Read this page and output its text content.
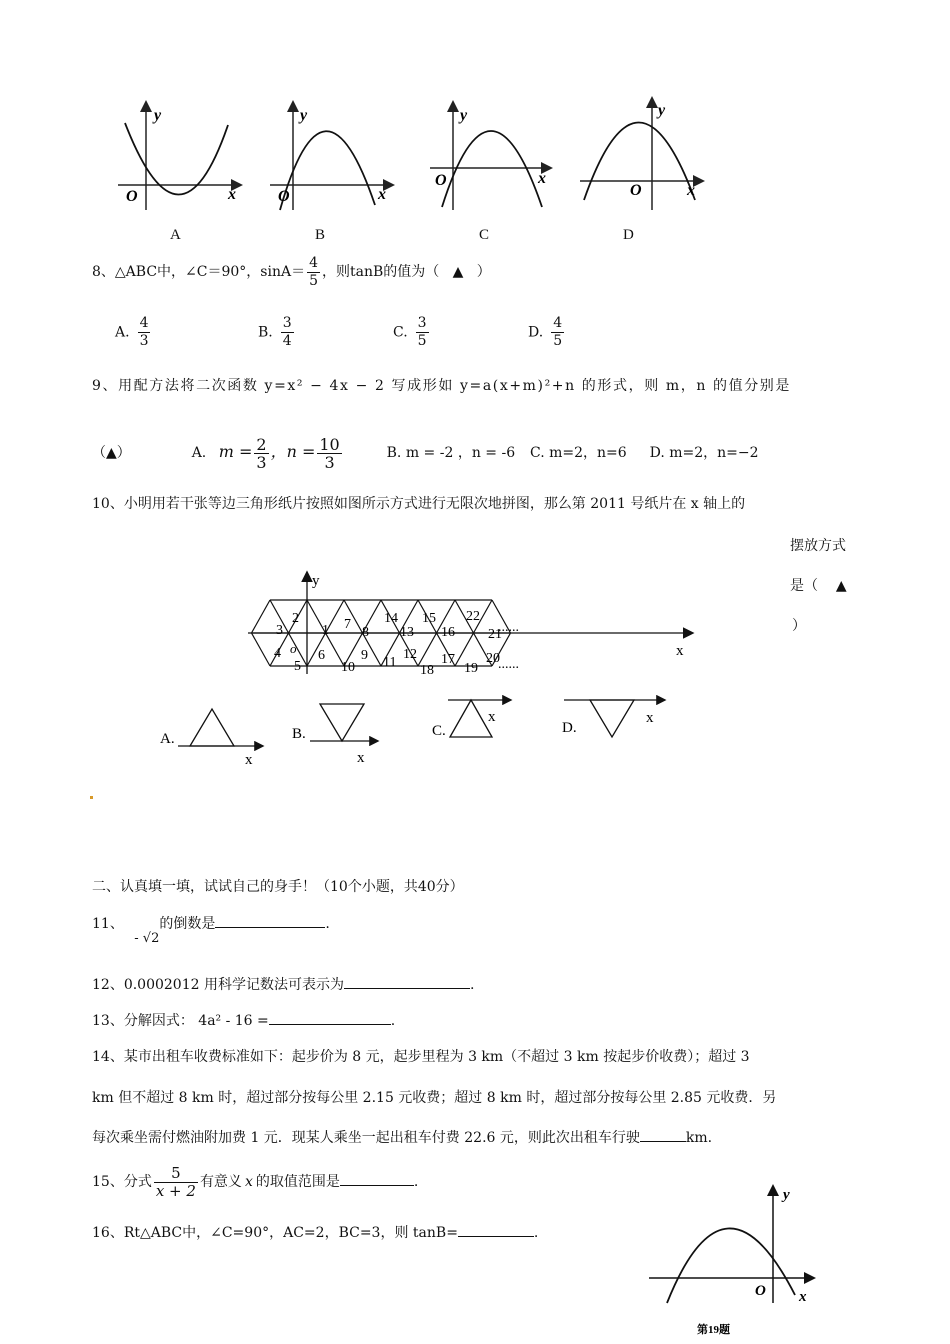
y
x
O
y
x
O
y
x
O
y
x
O
A	B	C	D
8、△ABC中，∠C＝90°，$\sin A= \frac{4}{5}$ ，则tanB的值为（ ▲ ）
A. $\frac{4}{3}$	B. $\frac{3}{4}$	C. $\frac{3}{5}$	D. $\frac{4}{5}$
9、用配方法将二次函数 y=x² − 4x − 2 写成形如 y=a(x+m)²+n 的形式，则 m，n 的值分别是
（▲）	A. $m = \frac{2}{3}$ ，$n = \frac{10}{3}$	B. m = -2 ，n = -6 C. m=2，n=6 D. m=2，n=−2
10、小明用若干张等边三角形纸片按照如图所示方式进行无限次地拼图，那么第 2011 号纸片在 x 轴上的
摆放方式
是（ ▲
）
1
2
3
4
5
6
7
8
9
10 11
12
13
14 15
16
17
18 19
20
21
22
......
......
o
y
x
A.
x
B.
x
C.
x
D.
x
二、认真填一填，试试自己的身手！（10个小题，共40分）
11、 - √2的倒数是	.
12、0.0002012 用科学记数法可表示为	.
13、分解因式： 4a² - 16 =	.
14、某市出租车收费标准如下：起步价为 8 元，起步里程为 3 km（不超过 3 km 按起步价收费）；超过 3
km 但不超过 8 km 时，超过部分按每公里 2.15 元收费；超过 8 km 时，超过部分按每公里 2.85 元收费．另
每次乘坐需付燃油附加费 1 元．现某人乘坐一起出租车付费 22.6 元，则此次出租车行驶	km.
15、分式 $\frac{5}{x + 2}$ 有意义 x 的取值范围是	.
16、Rt△ABC中，∠C=90°，AC=2，BC=3，则 tanB=	.
y
x
O
第19题
